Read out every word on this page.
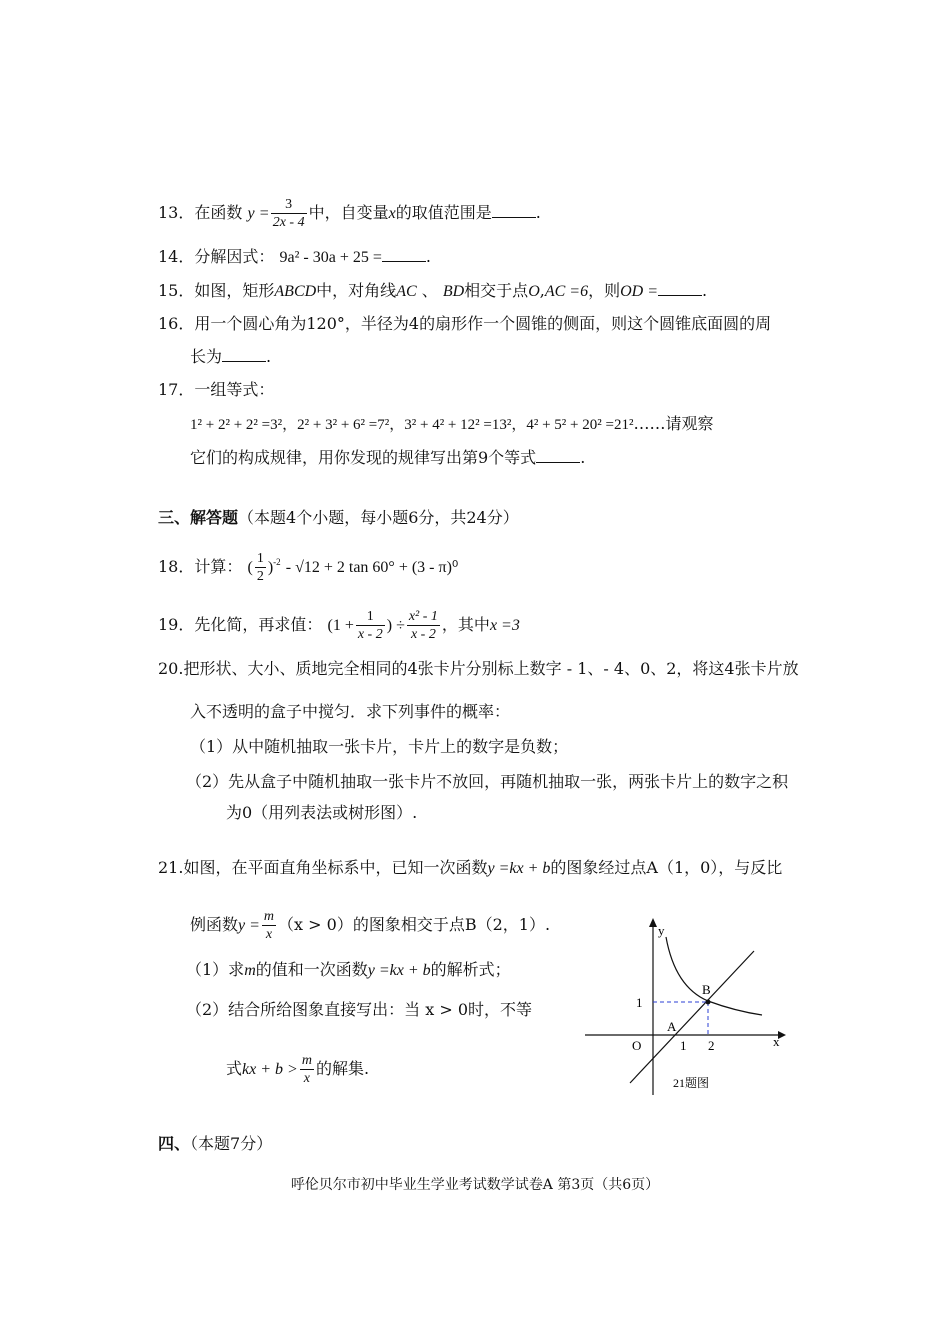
13．在函数 $y = \frac{3}{2x - 4}$ 中，自变量x的取值范围是	.
14．分解因式： 9a² - 30a + 25 =	.
15．如图，矩形ABCD中，对角线AC 、 BD相交于点O,AC =6，则OD =	.
16．用一个圆心角为120°，半径为4的扇形作一个圆锥的侧面，则这个圆锥底面圆的周
长为	.
17．一组等式：
1² + 2² + 2² =3²，2² + 3² + 6² =7²，3² + 4² + 12² =13²，4² + 5² + 20² =21²……请观察
它们的构成规律，用你发现的规律写出第9个等式	.
三、解答题（本题4个小题，每小题6分，共24分）
18．计算： ( $\frac{1}{2} )^{-2} - √12 + 2$ tan 60° + (3 - π)⁰
19．先化简，再求值： ($1 + \frac{1}{x - 2}$ ) ÷ $\frac{\text{x² - 1}}{x - 2}$ ，其中x =3
20.把形状、大小、质地完全相同的4张卡片分别标上数字 - 1、- 4、0、2，将这4张卡片放
入不透明的盒子中搅匀．求下列事件的概率：
（1）从中随机抽取一张卡片，卡片上的数字是负数；
（2）先从盒子中随机抽取一张卡片不放回，再随机抽取一张，两张卡片上的数字之积
为0（用列表法或树形图）.
21.如图，在平面直角坐标系中，已知一次函数y =kx + b的图象经过点A（1，0），与反比
例函数$y = \frac{m}{x} (x > 0)$的图象相交于点B（2，1）.
（1）求m的值和一次函数y =kx + b的解析式；
（2）结合所给图象直接写出：当 x > 0时，不等
式kx + $b > \frac{m}{x}$ 的解集.
y
x
O	1 2
1
A
B
21题图
四、（本题7分）
呼伦贝尔市初中毕业生学业考试数学试卷A 第3页（共6页）
